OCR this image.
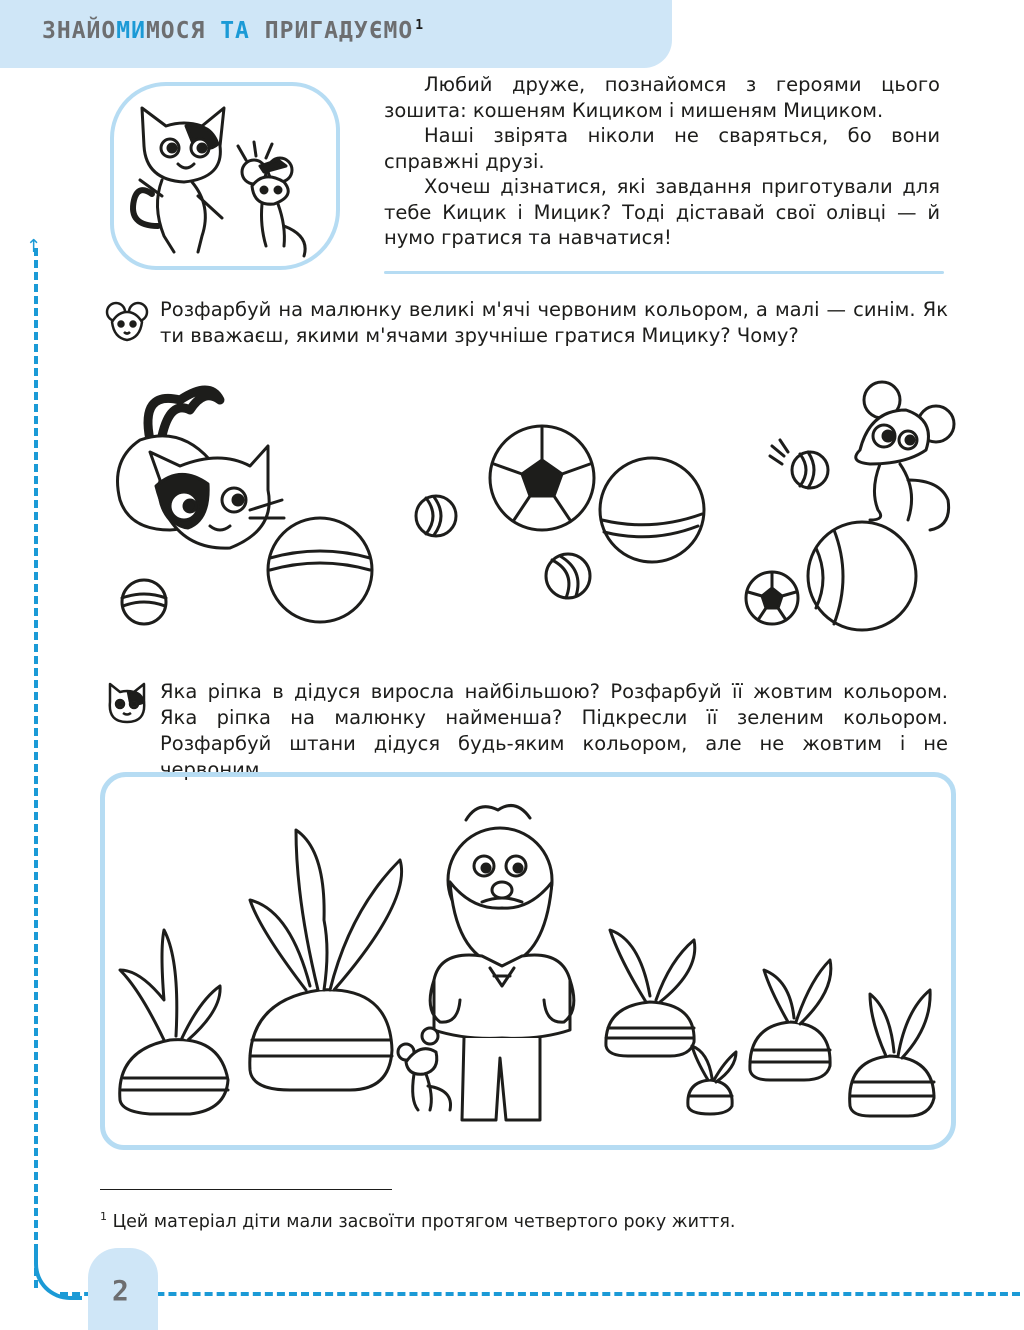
ЗНАЙОМИМОСЯ ТА ПРИГАДУЄМО $^1$

Любий друже, познайомся з героями цього зошита: кошеням Кициком і мишеням Мициком.

Наші звірята ніколи не сваряться, бо вони справжні друзі.

Хочеш дізнатися, які завдання приготували для тебе Кицик і Мицик? Тоді діставай свої олівці — й нумо гратися та навчатися!

↑
Розфарбуй на малюнку великі м'ячі червоним кольором, а малі — синім. Як ти вважаєш, якими м'ячами зручніше гратися Мицику? Чому?
Яка ріпка в дідуся виросла найбільшою? Розфарбуй її жовтим кольором. Яка ріпка на малюнку найменша? Підкресли її зеленим кольором. Розфарбуй штани дідуся будь-яким кольором, але не жовтим і не червоним.
$^1$ Цей матеріал діти мали засвоїти протягом четвертого року життя.
2
